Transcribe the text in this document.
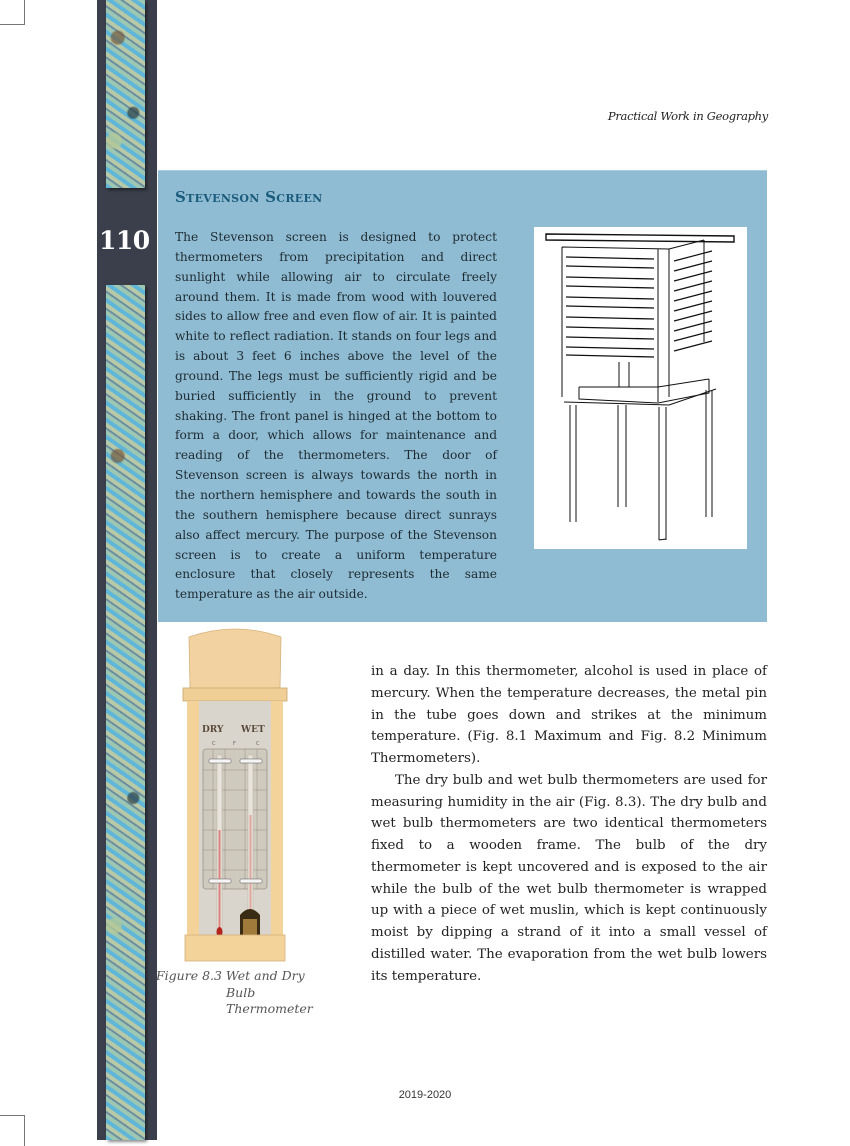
110
Practical Work in Geography
Stevenson Screen
The Stevenson screen is designed to protect thermometers from precipitation and direct sunlight while allowing air to circulate freely around them. It is made from wood with louvered sides to allow free and even flow of air. It is painted white to reflect radiation. It stands on four legs and is about 3 feet 6 inches above the level of the ground. The legs must be sufficiently rigid and be buried sufficiently in the ground to prevent shaking. The front panel is hinged at the bottom to form a door, which allows for maintenance and reading of the thermometers. The door of Stevenson screen is always towards the north in the northern hemisphere and towards the south in the southern hemisphere because direct sunrays also affect mercury. The purpose of the Stevenson screen is to create a uniform temperature enclosure that closely represents the same temperature as the air outside.
DRY WET
C	F	C
Figure 8.3 Wet and Dry
Bulb
Thermometer

in a day. In this thermometer, alcohol is used in place of mercury. When the temperature decreases, the metal pin in the tube goes down and strikes at the minimum temperature. (Fig. 8.1 Maximum and Fig. 8.2 Minimum Thermometers).

The dry bulb and wet bulb thermometers are used for measuring humidity in the air (Fig. 8.3). The dry bulb and wet bulb thermometers are two identical thermometers fixed to a wooden frame. The bulb of the dry thermometer is kept uncovered and is exposed to the air while the bulb of the wet bulb thermometer is wrapped up with a piece of wet muslin, which is kept continuously moist by dipping a strand of it into a small vessel of distilled water. The evaporation from the wet bulb lowers its temperature.

2019-2020
